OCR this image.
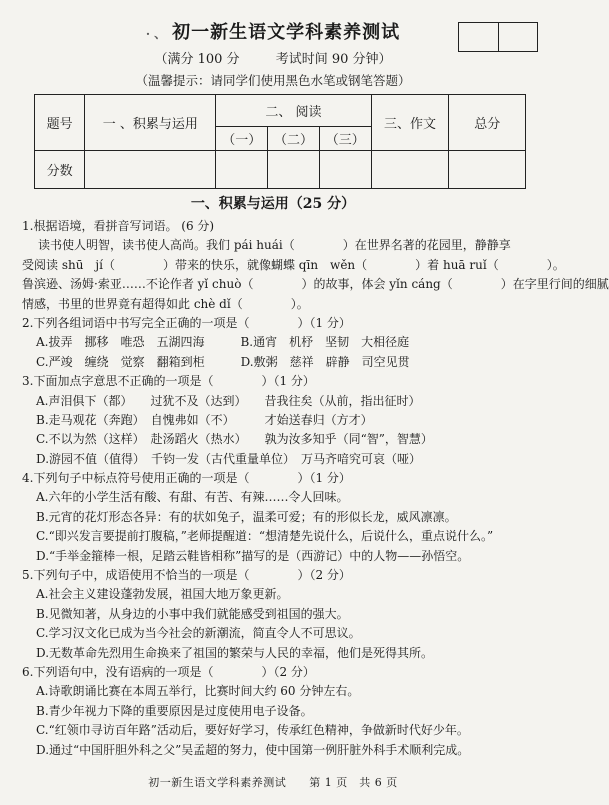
· 、 初一新生语文学科素养测试
（满分 100 分	考试时间 90 分钟）
（温馨提示：请同学们使用黑色水笔或钢笔答题）
题号	一 、积累与运用	二、 阅读			三、作文	总分
		（一）	（二）	（三）		
分数						
一、积累与运用（25 分）
1.根据语境，看拼音写词语。 (6 分)
读书使人明智，读书使人高尚。我们 pái huái（　　　　）在世界名著的花园里，静静享
受阅读 shū　jí（　　　　）带来的快乐，就像蝴蝶 qīn　wěn（　　　　）着 huā ruǐ（　　　　）。
鲁滨逊、汤姆·索亚……不论作者 yǐ chuò（　　　　）的故事，体会 yǐn cáng（　　　　）在字里行间的细腻
情感，书里的世界竟有超得如此 chè dǐ（　　　　）。
2.下列各组词语中书写完全正确的一项是（　　　　）（1 分）
A.拔弄　挪移　唯恐　五湖四海　　　B.通宵　机杼　坚韧　大相径庭
C.严竣　缠绕　觉察　翻箱到柜　　　D.敷粥　慈祥　辟静　司空见贯
3.下面加点字意思不正确的一项是（　　　　）（1 分）
A.声泪俱下（都）　　过犹不及（达到）　　昔我往矣（从前，指出征时）
B.走马观花（奔跑）　自愧弗如（不）　　　才始送春归（方才）
C.不以为然（这样）　赴汤蹈火（热水）　　孰为汝多知乎（同“智”，智慧）
D.游园不值（值得）　千钧一发（古代重量单位）　万马齐喑究可哀（哑）
4.下列句子中标点符号使用正确的一项是（　　　　）（1 分）
A.六年的小学生活有酸、有甜、有苦、有辣……令人回味。
B.元宵的花灯形态各异：有的状如兔子，温柔可爱；有的形似长龙，威风凛凛。
C.“即兴发言要提前打腹稿，”老师提醒道：“想清楚先说什么，后说什么，重点说什么。”
D.“手举金箍棒一根，足踏云鞋皆相称”描写的是（西游记）中的人物——孙悟空。
5.下列句子中，成语使用不恰当的一项是（　　　　）（2 分）
A.社会主义建设蓬勃发展，祖国大地万象更新。
B.见微知著，从身边的小事中我们就能感受到祖国的强大。
C.学习汉文化已成为当今社会的新潮流，简直令人不可思议。
D.无数革命先烈用生命换来了祖国的繁荣与人民的幸福，他们是死得其所。
6.下列语句中，没有语病的一项是（　　　　）（2 分）
A.诗歌朗诵比赛在本周五举行，比赛时间大约 60 分钟左右。
B.青少年视力下降的重要原因是过度使用电子设备。
C.“红领巾寻访百年路”活动后，要好好学习，传承红色精神，争做新时代好少年。
D.通过“中国肝胆外科之父”吴孟超的努力，使中国第一例肝脏外科手术顺利完成。
初一新生语文学科素养测试　　第 1 页　共 6 页
